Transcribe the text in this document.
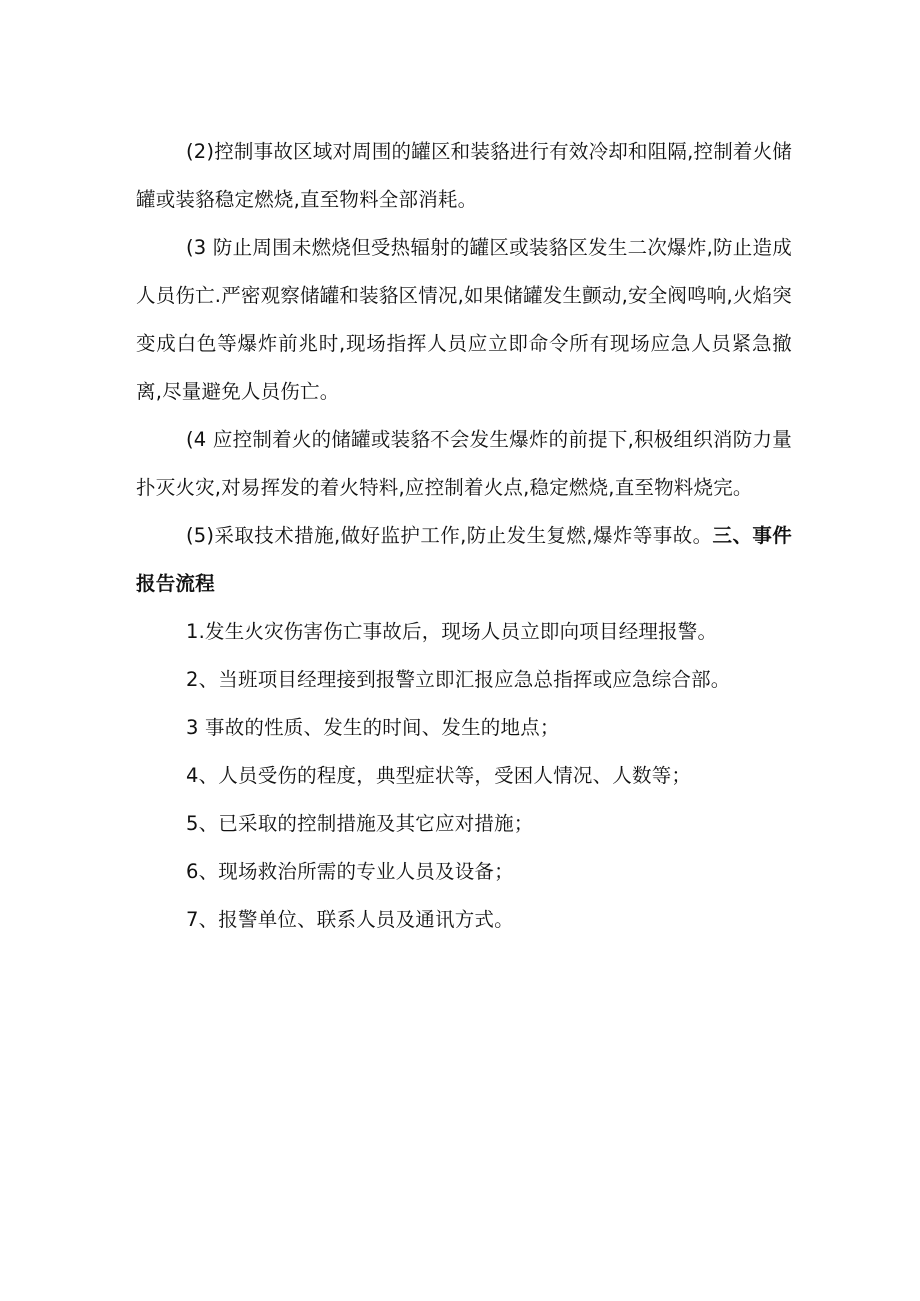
(2)控制事故区域对周围的罐区和装貉进行有效冷却和阻隔,控制着火储罐或装貉稳定燃烧,直至物料全部消耗。

(3 防止周围未燃烧但受热辐射的罐区或装貉区发生二次爆炸,防止造成人员伤亡.严密观察储罐和装貉区情况,如果储罐发生颤动,安全阀鸣响,火焰突变成白色等爆炸前兆时,现场指挥人员应立即命令所有现场应急人员紧急撤离,尽量避免人员伤亡。

(4 应控制着火的储罐或装貉不会发生爆炸的前提下,积极组织消防力量扑灭火灾,对易挥发的着火特料,应控制着火点,稳定燃烧,直至物料烧完。

(5)采取技术措施,做好监护工作,防止发生复燃,爆炸等事故。三、事件报告流程

1.发生火灾伤害伤亡事故后，现场人员立即向项目经理报警。

2、当班项目经理接到报警立即汇报应急总指挥或应急综合部。

3 事故的性质、发生的时间、发生的地点；

4、人员受伤的程度，典型症状等，受困人情况、人数等；

5、已采取的控制措施及其它应对措施；

6、现场救治所需的专业人员及设备；

7、报警单位、联系人员及通讯方式。
